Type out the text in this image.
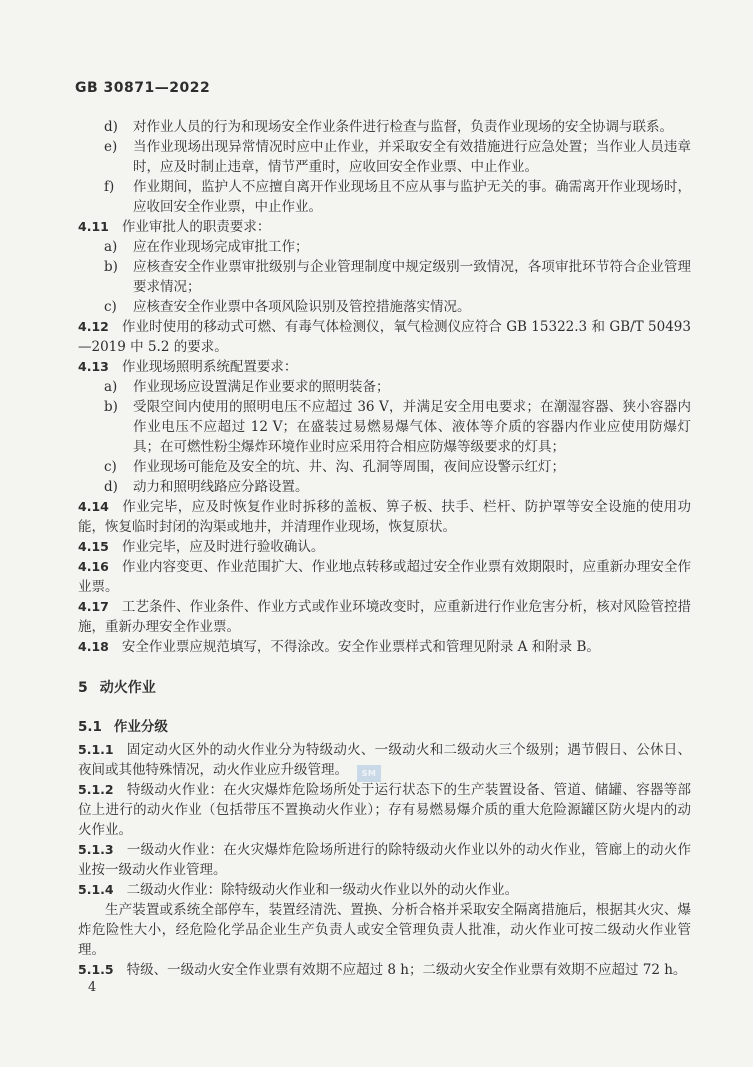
GB 30871—2022
d) 对作业人员的行为和现场安全作业条件进行检查与监督，负责作业现场的安全协调与联系。
e) 当作业现场出现异常情况时应中止作业，并采取安全有效措施进行应急处置；当作业人员违章时，应及时制止违章，情节严重时，应收回安全作业票、中止作业。
f) 作业期间，监护人不应擅自离开作业现场且不应从事与监护无关的事。确需离开作业现场时，应收回安全作业票，中止作业。
4.11 作业审批人的职责要求：
a) 应在作业现场完成审批工作；
b) 应核查安全作业票审批级别与企业管理制度中规定级别一致情况，各项审批环节符合企业管理要求情况；
c) 应核查安全作业票中各项风险识别及管控措施落实情况。
4.12 作业时使用的移动式可燃、有毒气体检测仪，氧气检测仪应符合 GB 15322.3 和 GB/T 50493—2019 中 5.2 的要求。
4.13 作业现场照明系统配置要求：
a) 作业现场应设置满足作业要求的照明装备；
b) 受限空间内使用的照明电压不应超过 36 V，并满足安全用电要求；在潮湿容器、狭小容器内作业电压不应超过 12 V；在盛装过易燃易爆气体、液体等介质的容器内作业应使用防爆灯具；在可燃性粉尘爆炸环境作业时应采用符合相应防爆等级要求的灯具；
c) 作业现场可能危及安全的坑、井、沟、孔洞等周围，夜间应设警示红灯；
d) 动力和照明线路应分路设置。
4.14 作业完毕，应及时恢复作业时拆移的盖板、箅子板、扶手、栏杆、防护罩等安全设施的使用功能，恢复临时封闭的沟渠或地井，并清理作业现场，恢复原状。
4.15 作业完毕，应及时进行验收确认。
4.16 作业内容变更、作业范围扩大、作业地点转移或超过安全作业票有效期限时，应重新办理安全作业票。
4.17 工艺条件、作业条件、作业方式或作业环境改变时，应重新进行作业危害分析，核对风险管控措施，重新办理安全作业票。
4.18 安全作业票应规范填写，不得涂改。安全作业票样式和管理见附录 A 和附录 B。
5 动火作业
5.1 作业分级
5.1.1 固定动火区外的动火作业分为特级动火、一级动火和二级动火三个级别；遇节假日、公休日、夜间或其他特殊情况，动火作业应升级管理。
5.1.2 特级动火作业：在火灾爆炸危险场所处于运行状态下的生产装置设备、管道、储罐、容器等部位上进行的动火作业（包括带压不置换动火作业）；存有易燃易爆介质的重大危险源罐区防火堤内的动火作业。
5.1.3 一级动火作业：在火灾爆炸危险场所进行的除特级动火作业以外的动火作业，管廊上的动火作业按一级动火作业管理。
5.1.4 二级动火作业：除特级动火作业和一级动火作业以外的动火作业。
生产装置或系统全部停车，装置经清洗、置换、分析合格并采取安全隔离措施后，根据其火灾、爆炸危险性大小，经危险化学品企业生产负责人或安全管理负责人批准，动火作业可按二级动火作业管理。
5.1.5 特级、一级动火安全作业票有效期不应超过 8 h；二级动火安全作业票有效期不应超过 72 h。
SM
4
